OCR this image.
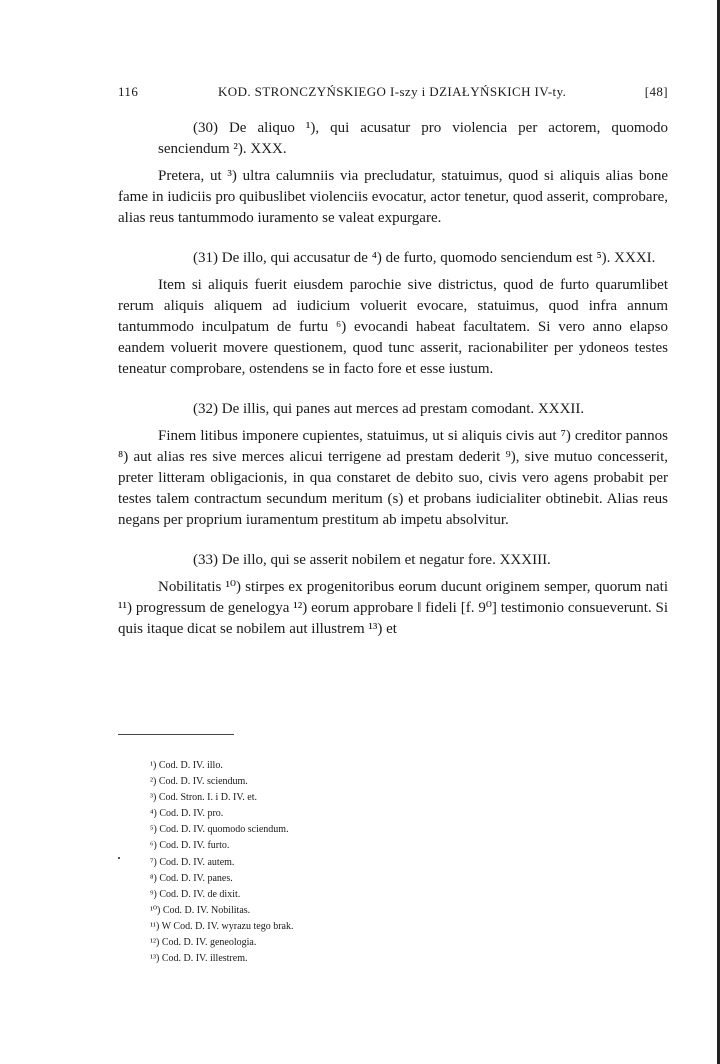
116	KOD. STRONCZYŃSKIEGO I-szy i DZIAŁYŃSKICH IV-ty.	[48]

(30) De aliquo ¹), qui acusatur pro violencia per actorem, quomodo senciendum ²). XXX.

Pretera, ut ³) ultra calumniis via precludatur, statuimus, quod si aliquis alias bone fame in iudiciis pro quibuslibet violenciis evocatur, actor tenetur, quod asserit, comprobare, alias reus tantummodo iuramento se valeat expurgare.

(31) De illo, qui accusatur de ⁴) de furto, quomodo senciendum est ⁵). XXXI.

Item si aliquis fuerit eiusdem parochie sive districtus, quod de furto quarumlibet rerum aliquis aliquem ad iudicium voluerit evocare, statuimus, quod infra annum tantummodo inculpatum de furtu ⁶) evocandi habeat facultatem. Si vero anno elapso eandem voluerit movere questionem, quod tunc asserit, racionabiliter per ydoneos testes teneatur comprobare, ostendens se in facto fore et esse iustum.

(32) De illis, qui panes aut merces ad prestam comodant. XXXII.

Finem litibus imponere cupientes, statuimus, ut si aliquis civis aut ⁷) creditor pannos ⁸) aut alias res sive merces alicui terrigene ad prestam dederit ⁹), sive mutuo concesserit, preter litteram obligacionis, in qua constaret de debito suo, civis vero agens probabit per testes talem contractum secundum meritum (s) et probans iudicialiter obtinebit. Alias reus negans per proprium iuramentum prestitum ab impetu absolvitur.

(33) De illo, qui se asserit nobilem et negatur fore. XXXIII.

Nobilitatis ¹⁰) stirpes ex progenitoribus eorum ducunt originem semper, quorum nati ¹¹) progressum de genelogya ¹²) eorum approbare ‖ fideli [f. 9⁰] testimonio consueverunt. Si quis itaque dicat se nobilem aut illustrem ¹³) et

¹) Cod. D. IV. illo.
²) Cod. D. IV. sciendum.
³) Cod. Stron. I. i D. IV. et.
⁴) Cod. D. IV. pro.
⁵) Cod. D. IV. quomodo sciendum.
⁶) Cod. D. IV. furto.
⁷) Cod. D. IV. autem.
⁸) Cod. D. IV. panes.
⁹) Cod. D. IV. de dixit.
¹⁰) Cod. D. IV. Nobilitas.
¹¹) W Cod. D. IV. wyrazu tego brak.
¹²) Cod. D. IV. geneologia.
¹³) Cod. D. IV. illestrem.
